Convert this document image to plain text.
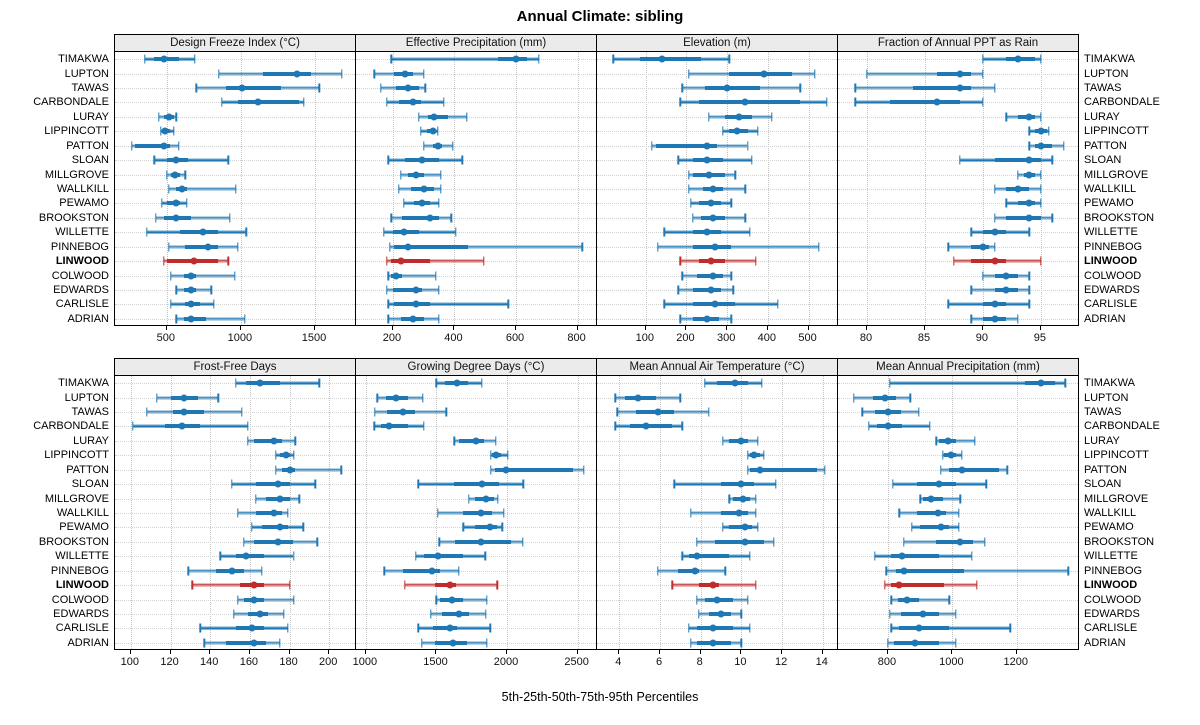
Annual Climate: sibling
TIMAKWA
LUPTON
TAWAS
CARBONDALE
LURAY
LIPPINCOTT
PATTON
SLOAN
MILLGROVE
WALLKILL
PEWAMO
BROOKSTON
WILLETTE
PINNEBOG
LINWOOD
COLWOOD
EDWARDS
CARLISLE
ADRIAN
Design Freeze Index (°C)
500	1000	1500
Effective Precipitation (mm)
200	400	600	800
Elevation (m)
100 200 300 400 500
Fraction of Annual PPT as Rain
80	85	90	95
TIMAKWA
LUPTON
TAWAS
CARBONDALE
LURAY
LIPPINCOTT
PATTON
SLOAN
MILLGROVE
WALLKILL
PEWAMO
BROOKSTON
WILLETTE
PINNEBOG
LINWOOD
COLWOOD
EDWARDS
CARLISLE
ADRIAN
TIMAKWA
LUPTON
TAWAS
CARBONDALE
LURAY
LIPPINCOTT
PATTON
SLOAN
MILLGROVE
WALLKILL
PEWAMO
BROOKSTON
WILLETTE
PINNEBOG
LINWOOD
COLWOOD
EDWARDS
CARLISLE
ADRIAN
Frost-Free Days
100 120 140 160 180 200
Growing Degree Days (°C)
1000	1500	2000	2500
Mean Annual Air Temperature (°C)
4	6	8	10	12	14
Mean Annual Precipitation (mm)
800	1000	1200
TIMAKWA
LUPTON
TAWAS
CARBONDALE
LURAY
LIPPINCOTT
PATTON
SLOAN
MILLGROVE
WALLKILL
PEWAMO
BROOKSTON
WILLETTE
PINNEBOG
LINWOOD
COLWOOD
EDWARDS
CARLISLE
ADRIAN
5th-25th-50th-75th-95th Percentiles
